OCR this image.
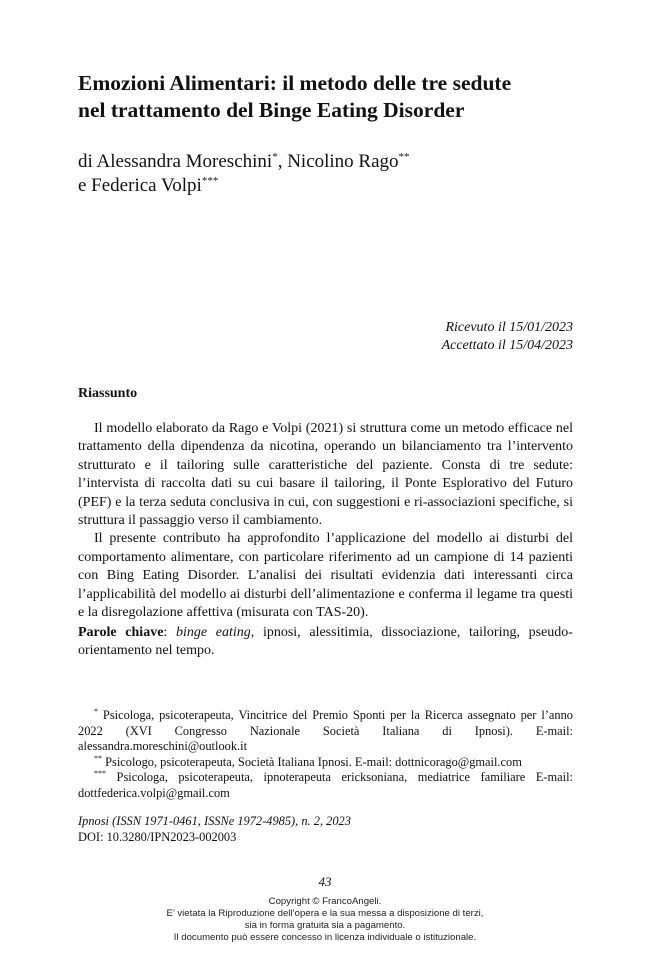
Emozioni Alimentari: il metodo delle tre sedute
nel trattamento del Binge Eating Disorder
di Alessandra Moreschini*, Nicolino Rago**
e Federica Volpi***
Ricevuto il 15/01/2023
Accettato il 15/04/2023
Riassunto

Il modello elaborato da Rago e Volpi (2021) si struttura come un metodo efficace nel trattamento della dipendenza da nicotina, operando un bilanciamento tra l’intervento strutturato e il tailoring sulle caratteristiche del paziente. Consta di tre sedute: l’intervista di raccolta dati su cui basare il tailoring, il Ponte Esplorativo del Futuro (PEF) e la terza seduta conclusiva in cui, con suggestioni e ri-associazioni specifiche, si struttura il passaggio verso il cambiamento.

Il presente contributo ha approfondito l’applicazione del modello ai disturbi del comportamento alimentare, con particolare riferimento ad un campione di 14 pazienti con Bing Eating Disorder. L’analisi dei risultati evidenzia dati interessanti circa l’applicabilità del modello ai disturbi dell’alimentazione e conferma il legame tra questi e la disregolazione affettiva (misurata con TAS-20).

Parole chiave: binge eating, ipnosi, alessitimia, dissociazione, tailoring, pseudo-orientamento nel tempo.

* Psicologa, psicoterapeuta, Vincitrice del Premio Sponti per la Ricerca assegnato per l’anno 2022 (XVI Congresso Nazionale Società Italiana di Ipnosi). E-mail: alessandra.moreschini@outlook.it

** Psicologo, psicoterapeuta, Società Italiana Ipnosi. E-mail: dottnicorago@gmail.com

*** Psicologa, psicoterapeuta, ipnoterapeuta ericksoniana, mediatrice familiare E-mail: dottfederica.volpi@gmail.com

Ipnosi (ISSN 1971-0461, ISSNe 1972-4985), n. 2, 2023
DOI: 10.3280/IPN2023-002003
43
Copyright © FrancoAngeli.
E’ vietata la Riproduzione dell’opera e la sua messa a disposizione di terzi,
sia in forma gratuita sia a pagamento.
Il documento può essere concesso in licenza individuale o istituzionale.
